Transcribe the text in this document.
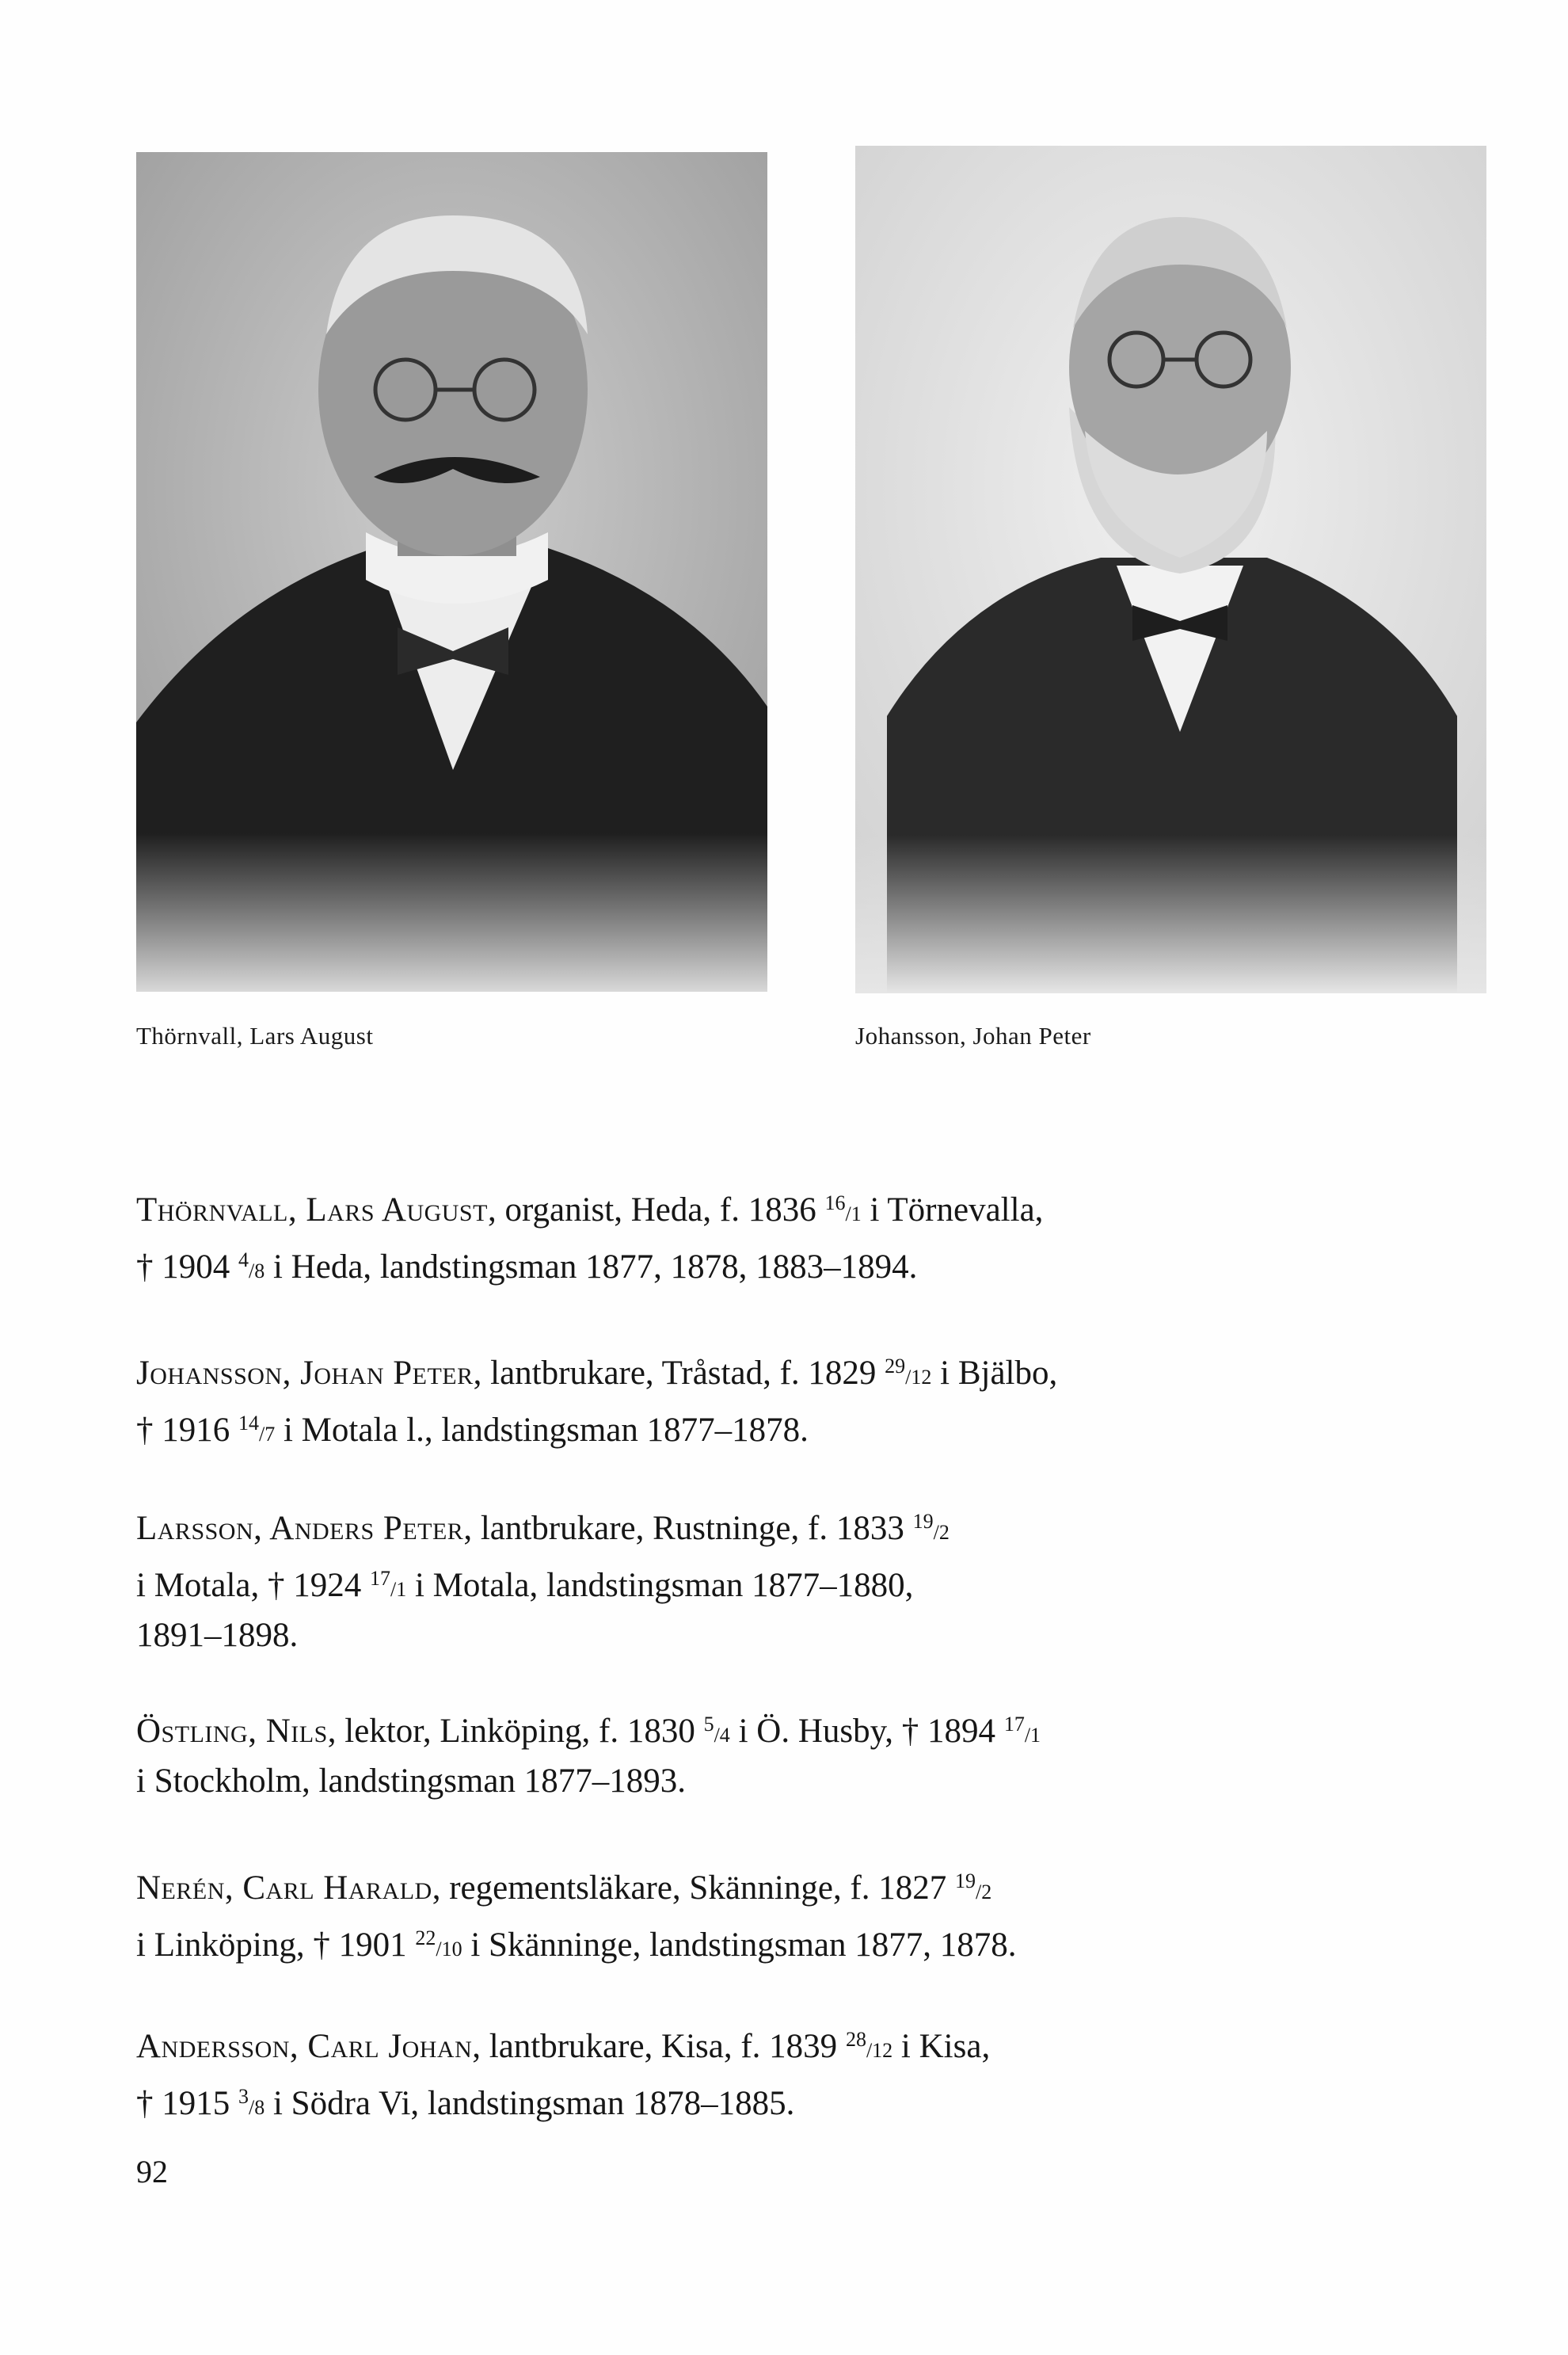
Thörnvall, Lars August	Johansson, Johan Peter
Thörnvall, Lars August, organist, Heda, f. 1836 $^{16}$/1 i Törnevalla,
† 1904 $^4$/8 i Heda, landstingsman 1877, 1878, 1883–1894.
Johansson, Johan Peter, lantbrukare, Tråstad, f. 1829 $^{29}$/12 i Bjälbo,
† 1916 $^{14}$/7 i Motala l., landstingsman 1877–1878.
Larsson, Anders Peter, lantbrukare, Rustninge, f. 1833 $^{19}$/2
i Motala, † 1924 $^{17}$/1 i Motala, landstingsman 1877–1880,
1891–1898.
Östling, Nils, lektor, Linköping, f. 1830 $^5$/4 i Ö. Husby, † 1894 $^{17}$/1
i Stockholm, landstingsman 1877–1893.
Nerén, Carl Harald, regementsläkare, Skänninge, f. 1827 $^{19}$/2
i Linköping, † 1901 $^{22}$/10 i Skänninge, landstingsman 1877, 1878.
Andersson, Carl Johan, lantbrukare, Kisa, f. 1839 $^{28}$/12 i Kisa,
† 1915 $^3$/8 i Södra Vi, landstingsman 1878–1885.
92
